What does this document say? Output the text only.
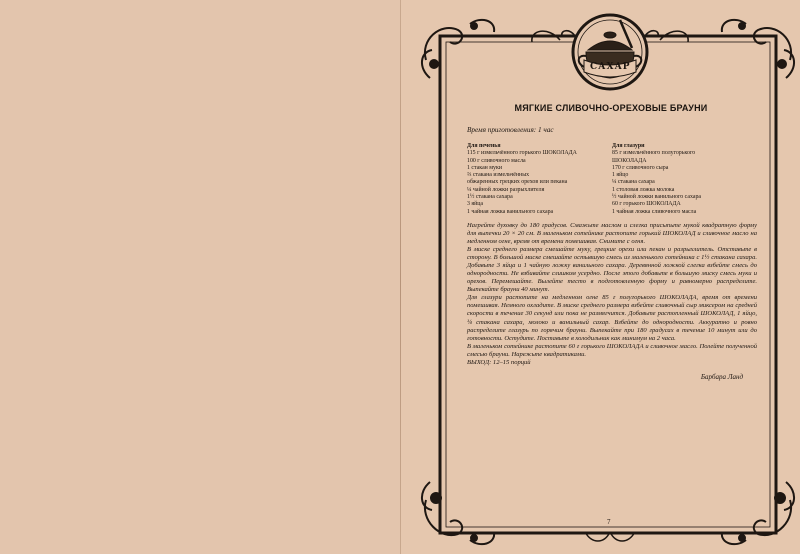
САХАР
МЯГКИЕ СЛИВОЧНО-ОРЕХОВЫЕ БРАУНИ
Время приготовления: 1 час
Для печенья
115 г измельчённого горького ШОКОЛАДА
100 г сливочного масла
1 стакан муки
⅔ стакана измельчённых
обжаренных грецких орехов или пекана
¼ чайной ложки разрыхлителя
1½ стакана сахара
3 яйца
1 чайная ложка ванильного сахара
Для глазури
85 г измельчённого полугорького
ШОКОЛАДА
170 г сливочного сыра
1 яйцо
¼ стакана сахара
1 столовая ложка молока
½ чайной ложки ванильного сахара
60 г горького ШОКОЛАДА
1 чайная ложка сливочного масла

Нагрейте духовку до 180 градусов. Смажьте маслом и слегка присыпьте мукой квадратную форму для выпечки 20 × 20 см. В маленьком сотейнике растопите горький ШОКОЛАД и сливочное масло на медленном огне, время от времени помешивая. Снимите с огня.

В миске среднего размера смешайте муку, грецкие орехи или пекан и разрыхлитель. Отставьте в сторону. В большой миске смешайте остывшую смесь из маленького сотейника с 1½ стакана сахара. Добавьте 3 яйца и 1 чайную ложку ванильного сахара. Деревянной ложкой слегка взбейте смесь до однородности. Не взбивайте слишком усердно. После этого добавьте в большую миску смесь муки и орехов. Перемешайте. Вылейте тесто в подготовленную форму и равномерно распределите. Выпекайте брауни 40 минут.

Для глазури растопите на медленном огне 85 г полугорького ШОКОЛАДА, время от времени помешивая. Немного охладите. В миске среднего размера взбейте сливочный сыр миксером на средней скорости в течение 30 секунд или пока не размягчится. Добавьте растопленный ШОКОЛАД, 1 яйцо, ¼ стакана сахара, молоко и ванильный сахар. Взбейте до однородности. Аккуратно и ровно распределите глазурь по горячим брауни. Выпекайте при 180 градусах в течение 10 минут или до готовности. Остудите. Поставьте в холодильник как минимум на 2 часа.

В маленьком сотейнике растопите 60 г горького ШОКОЛАДА и сливочное масло. Полейте полученной смесью брауни. Нарежьте квадратиками.

ВЫХОД: 12–15 порций

Барбара Ланд
7
